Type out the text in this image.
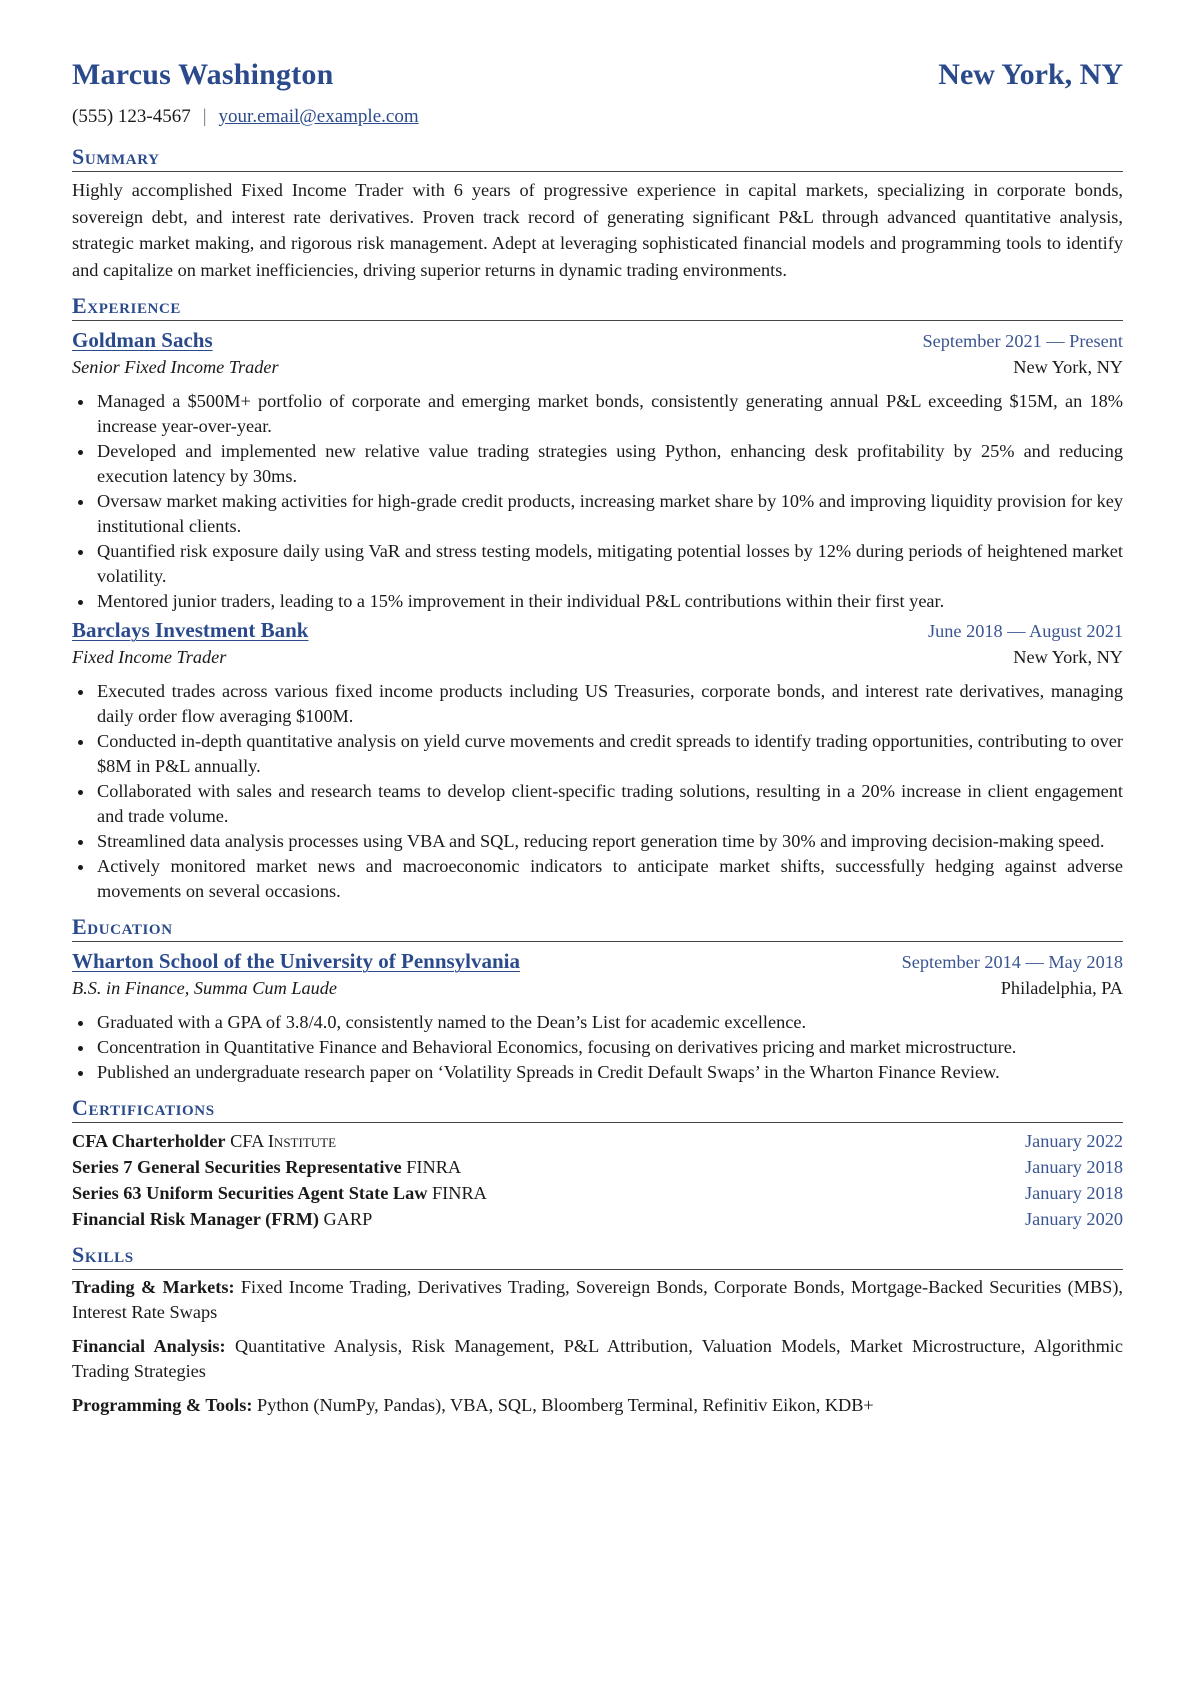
Marcus Washington	New York, NY
(555) 123-4567 | your.email@example.com
Summary

Highly accomplished Fixed Income Trader with 6 years of progressive experience in capital markets, specializing in corporate bonds, sovereign debt, and interest rate derivatives. Proven track record of generating significant P&L through advanced quantitative analysis, strategic market making, and rigorous risk management. Adept at leveraging sophisticated financial models and programming tools to identify and capitalize on market inefficiencies, driving superior returns in dynamic trading environments.

Experience
Goldman Sachs	September 2021 — Present
Senior Fixed Income Trader	New York, NY
Managed a $500M+ portfolio of corporate and emerging market bonds, consistently generating annual P&L exceeding $15M, an 18% increase year-over-year.
Developed and implemented new relative value trading strategies using Python, enhancing desk profitability by 25% and reducing execution latency by 30ms.
Oversaw market making activities for high-grade credit products, increasing market share by 10% and improving liquidity provision for key institutional clients.
Quantified risk exposure daily using VaR and stress testing models, mitigating potential losses by 12% during periods of heightened market volatility.
Mentored junior traders, leading to a 15% improvement in their individual P&L contributions within their first year.
Barclays Investment Bank	June 2018 — August 2021
Fixed Income Trader	New York, NY
Executed trades across various fixed income products including US Treasuries, corporate bonds, and interest rate derivatives, managing daily order flow averaging $100M.
Conducted in-depth quantitative analysis on yield curve movements and credit spreads to identify trading opportunities, contributing to over $8M in P&L annually.
Collaborated with sales and research teams to develop client-specific trading solutions, resulting in a 20% increase in client engagement and trade volume.
Streamlined data analysis processes using VBA and SQL, reducing report generation time by 30% and improving decision-making speed.
Actively monitored market news and macroeconomic indicators to anticipate market shifts, successfully hedging against adverse movements on several occasions.
Education
Wharton School of the University of Pennsylvania	September 2014 — May 2018
B.S. in Finance, Summa Cum Laude	Philadelphia, PA
Graduated with a GPA of 3.8/4.0, consistently named to the Dean’s List for academic excellence.
Concentration in Quantitative Finance and Behavioral Economics, focusing on derivatives pricing and market microstructure.
Published an undergraduate research paper on ‘Volatility Spreads in Credit Default Swaps’ in the Wharton Finance Review.
Certifications
CFA Charterholder CFA Institute	January 2022
Series 7 General Securities Representative FINRA	January 2018
Series 63 Uniform Securities Agent State Law FINRA	January 2018
Financial Risk Manager (FRM) GARP	January 2020
Skills
Trading & Markets: Fixed Income Trading, Derivatives Trading, Sovereign Bonds, Corporate Bonds, Mortgage-Backed Securities (MBS), Interest Rate Swaps
Financial Analysis: Quantitative Analysis, Risk Management, P&L Attribution, Valuation Models, Market Microstructure, Algorithmic Trading Strategies
Programming & Tools: Python (NumPy, Pandas), VBA, SQL, Bloomberg Terminal, Refinitiv Eikon, KDB+
